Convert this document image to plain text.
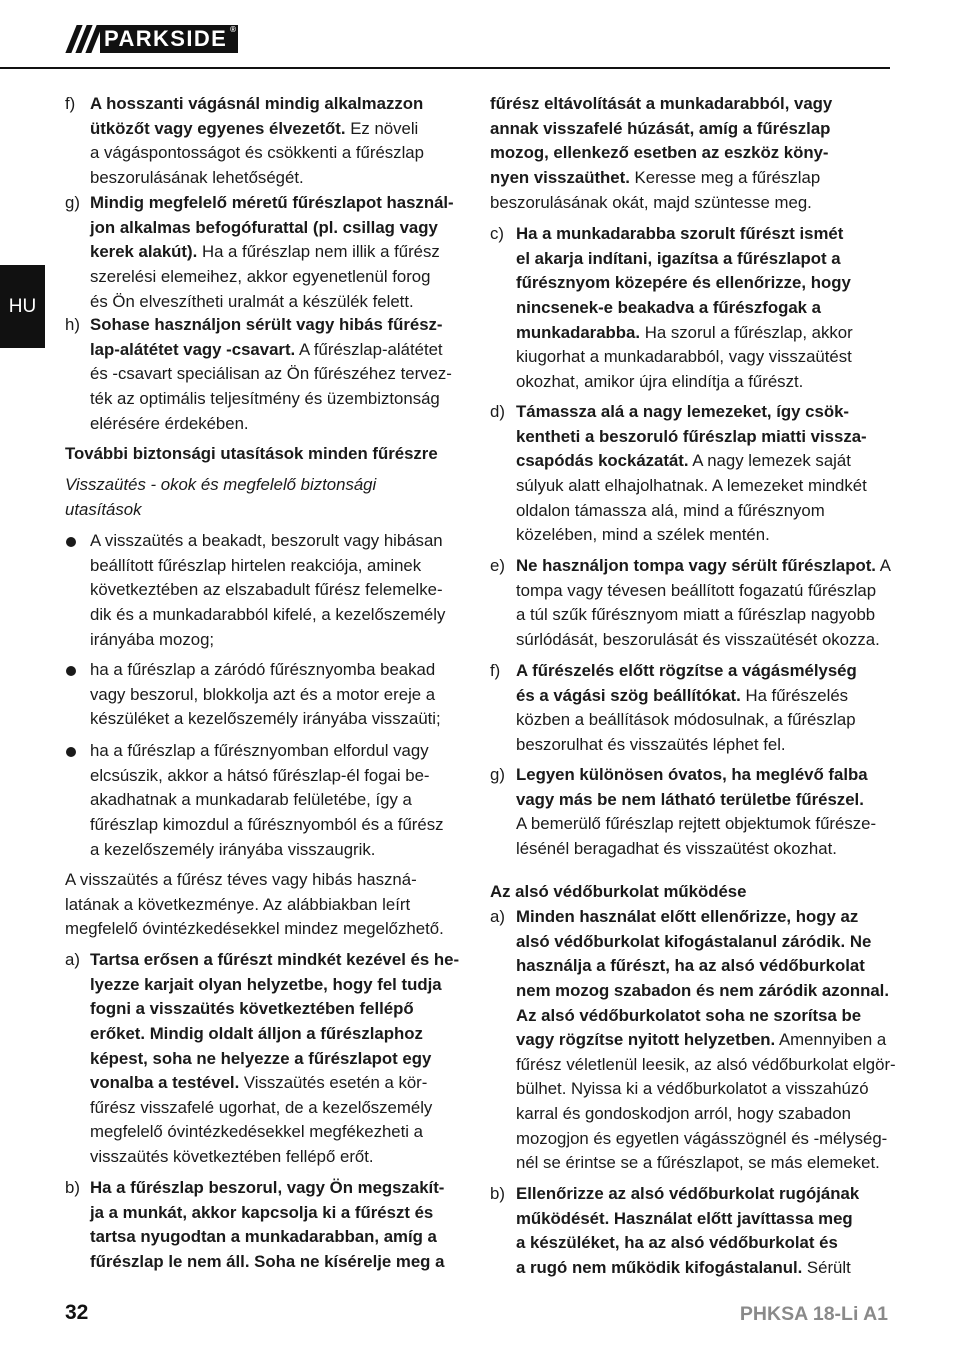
PARKSIDE ®
HU
f) A hosszanti vágásnál mindig alkalmazzon
ütközőt vagy egyenes élvezetőt. Ez növeli
a vágáspontosságot és csökkenti a fűrészlap
beszorulásának lehetőségét.
g) Mindig megfelelő méretű fűrészlapot használ-
jon alkalmas befogófurattal (pl. csillag vagy
kerek alakút). Ha a fűrészlap nem illik a fűrész
szerelési elemeihez, akkor egyenetlenül forog
és Ön elveszítheti uralmát a készülék felett.
h) Sohase használjon sérült vagy hibás fűrész-
lap-alátétet vagy -csavart. A fűrészlap-alátétet
és -csavart speciálisan az Ön fűrészéhez tervez-
ték az optimális teljesítmény és üzembiztonság
elérésére érdekében.
További biztonsági utasítások minden fűrészre
Visszaütés - okok és megfelelő biztonsági
utasítások
A visszaütés a beakadt, beszorult vagy hibásan
beállított fűrészlap hirtelen reakciója, aminek
következtében az elszabadult fűrész felemelke-
dik és a munkadarabból kifelé, a kezelőszemély
irányába mozog;
ha a fűrészlap a záródó fűrésznyomba beakad
vagy beszorul, blokkolja azt és a motor ereje a
készüléket a kezelőszemély irányába visszaüti;
ha a fűrészlap a fűrésznyomban elfordul vagy
elcsúszik, akkor a hátsó fűrészlap-él fogai be-
akadhatnak a munkadarab felületébe, így a
fűrészlap kimozdul a fűrésznyomból és a fűrész
a kezelőszemély irányába visszaugrik.
A visszaütés a fűrész téves vagy hibás haszná-
latának a következménye. Az alábbiakban leírt
megfelelő óvintézkedésekkel mindez megelőzhető.
a) Tartsa erősen a fűrészt mindkét kezével és he-
lyezze karjait olyan helyzetbe, hogy fel tudja
fogni a visszaütés következtében fellépő
erőket. Mindig oldalt álljon a fűrészlaphoz
képest, soha ne helyezze a fűrészlapot egy
vonalba a testével. Visszaütés esetén a kör-
fűrész visszafelé ugorhat, de a kezelőszemély
megfelelő óvintézkedésekkel megfékezheti a
visszaütés következtében fellépő erőt.
b) Ha a fűrészlap beszorul, vagy Ön megszakít-
ja a munkát, akkor kapcsolja ki a fűrészt és
tartsa nyugodtan a munkadarabban, amíg a
fűrészlap le nem áll. Soha ne kísérelje meg a
fűrész eltávolítását a munkadarabból, vagy
annak visszafelé húzását, amíg a fűrészlap
mozog, ellenkező esetben az eszköz köny-
nyen visszaüthet. Keresse meg a fűrészlap
beszorulásának okát, majd szüntesse meg.
c) Ha a munkadarabba szorult fűrészt ismét
el akarja indítani, igazítsa a fűrészlapot a
fűrésznyom közepére és ellenőrizze, hogy
nincsenek-e beakadva a fűrészfogak a
munkadarabba. Ha szorul a fűrészlap, akkor
kiugorhat a munkadarabból, vagy visszaütést
okozhat, amikor újra elindítja a fűrészt.
d) Támassza alá a nagy lemezeket, így csök-
kentheti a beszoruló fűrészlap miatti vissza-
csapódás kockázatát. A nagy lemezek saját
súlyuk alatt elhajolhatnak. A lemezeket mindkét
oldalon támassza alá, mind a fűrésznyom
közelében, mind a szélek mentén.
e) Ne használjon tompa vagy sérült fűrészlapot. A
tompa vagy tévesen beállított fogazatú fűrészlap
a túl szűk fűrésznyom miatt a fűrészlap nagyobb
súrlódását, beszorulását és visszaütését okozza.
f) A fűrészelés előtt rögzítse a vágásmélység
és a vágási szög beállítókat. Ha fűrészelés
közben a beállítások módosulnak, a fűrészlap
beszorulhat és visszaütés léphet fel.
g) Legyen különösen óvatos, ha meglévő falba
vagy más be nem látható területbe fűrészel.
A bemerülő fűrészlap rejtett objektumok fűrésze-
lésénél beragadhat és visszaütést okozhat.
Az alsó védőburkolat működése
a) Minden használat előtt ellenőrizze, hogy az
alsó védőburkolat kifogástalanul záródik. Ne
használja a fűrészt, ha az alsó védőburkolat
nem mozog szabadon és nem záródik azonnal.
Az alsó védőburkolatot soha ne szorítsa be
vagy rögzítse nyitott helyzetben. Amennyiben a
fűrész véletlenül leesik, az alsó védőburkolat elgör-
bülhet. Nyissa ki a védőburkolatot a visszahúzó
karral és gondoskodjon arról, hogy szabadon
mozogjon és egyetlen vágásszögnél és -mélység-
nél se érintse se a fűrészlapot, se más elemeket.
b) Ellenőrizze az alsó védőburkolat rugójának
működését. Használat előtt javíttassa meg
a készüléket, ha az alsó védőburkolat és
a rugó nem működik kifogástalanul. Sérült
32	PHKSA 18-Li A1
